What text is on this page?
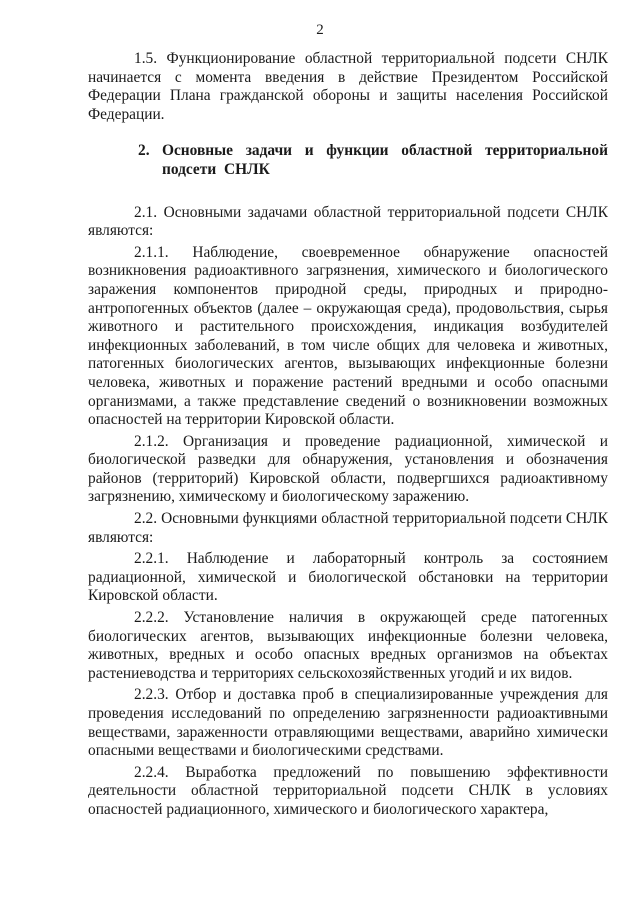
2

1.5. Функционирование областной территориальной подсети СНЛК начинается с момента введения в действие Президентом Российской Федерации Плана гражданской обороны и защиты населения Российской Федерации.

2. Основные задачи и функции областной территориальной подсети СНЛК

2.1. Основными задачами областной территориальной подсети СНЛК являются:

2.1.1. Наблюдение, своевременное обнаружение опасностей возникновения радиоактивного загрязнения, химического и биологического заражения компонентов природной среды, природных и природно-антропогенных объектов (далее – окружающая среда), продовольствия, сырья животного и растительного происхождения, индикация возбудителей инфекционных заболеваний, в том числе общих для человека и животных, патогенных биологических агентов, вызывающих инфекционные болезни человека, животных и поражение растений вредными и особо опасными организмами, а также представление сведений о возникновении возможных опасностей на территории Кировской области.

2.1.2. Организация и проведение радиационной, химической и биологической разведки для обнаружения, установления и обозначения районов (территорий) Кировской области, подвергшихся радиоактивному загрязнению, химическому и биологическому заражению.

2.2. Основными функциями областной территориальной подсети СНЛК являются:

2.2.1. Наблюдение и лабораторный контроль за состоянием радиационной, химической и биологической обстановки на территории Кировской области.

2.2.2. Установление наличия в окружающей среде патогенных биологических агентов, вызывающих инфекционные болезни человека, животных, вредных и особо опасных вредных организмов на объектах растениеводства и территориях сельскохозяйственных угодий и их видов.

2.2.3. Отбор и доставка проб в специализированные учреждения для проведения исследований по определению загрязненности радиоактивными веществами, зараженности отравляющими веществами, аварийно химически опасными веществами и биологическими средствами.

2.2.4. Выработка предложений по повышению эффективности деятельности областной территориальной подсети СНЛК в условиях опасностей радиационного, химического и биологического характера,
